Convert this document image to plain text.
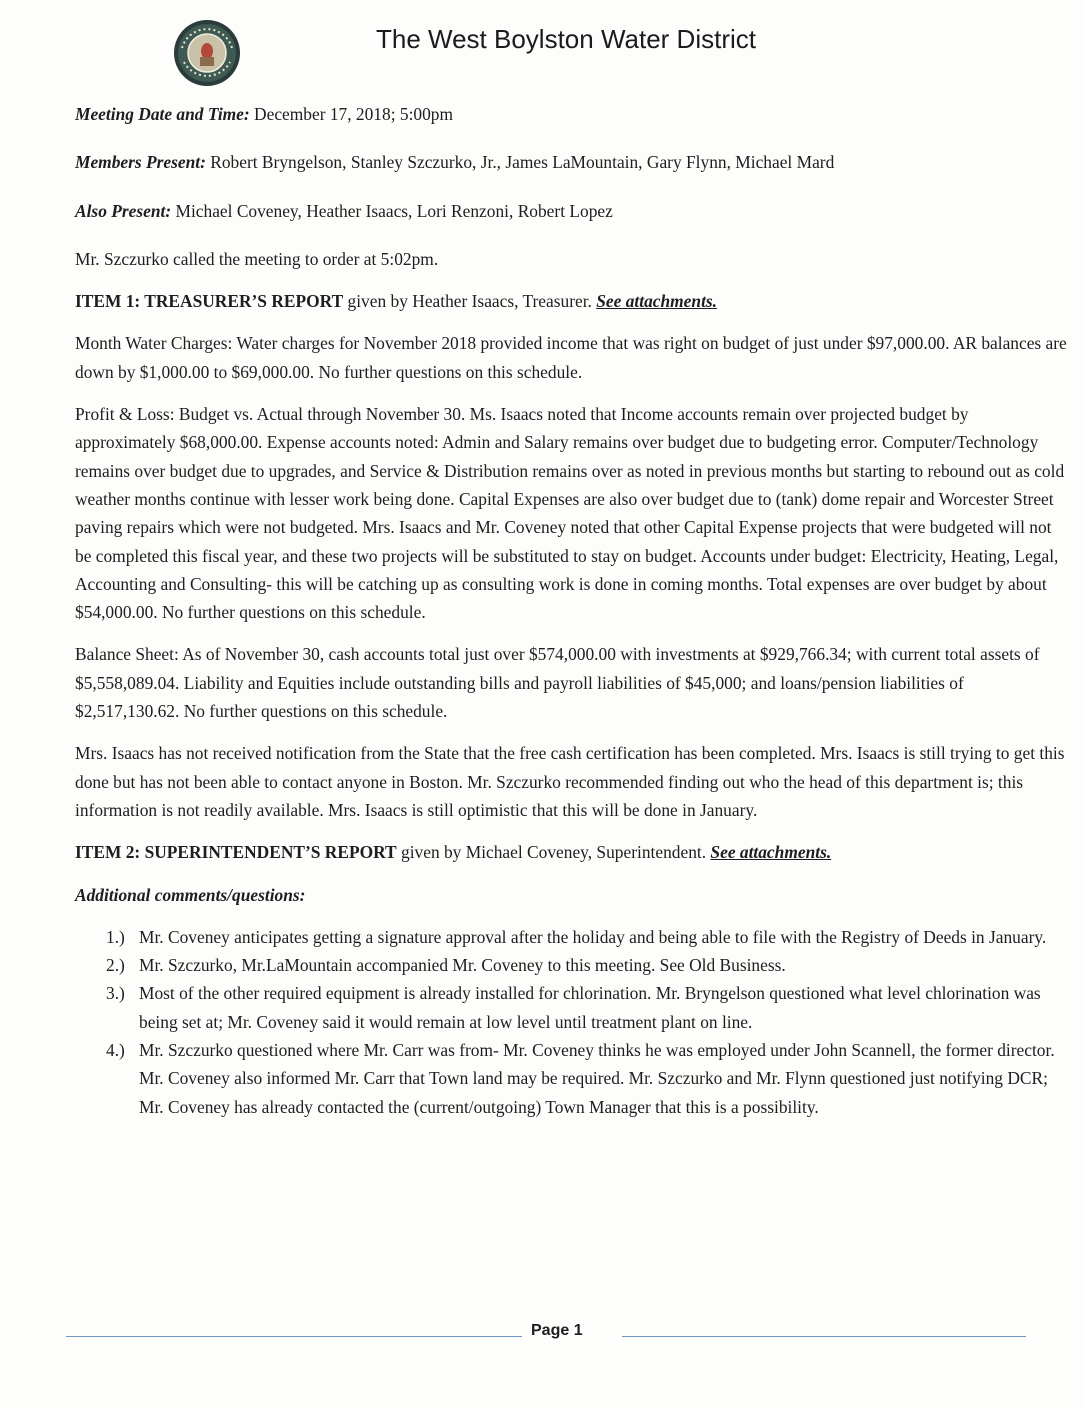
The West Boylston Water District

Meeting Date and Time: December 17, 2018; 5:00pm

Members Present: Robert Bryngelson, Stanley Szczurko, Jr., James LaMountain, Gary Flynn, Michael Mard

Also Present: Michael Coveney, Heather Isaacs, Lori Renzoni, Robert Lopez

Mr. Szczurko called the meeting to order at 5:02pm.

ITEM 1: TREASURER’S REPORT given by Heather Isaacs, Treasurer. See attachments.

Month Water Charges: Water charges for November 2018 provided income that was right on budget of just under $97,000.00. AR balances are down by $1,000.00 to $69,000.00. No further questions on this schedule.

Profit & Loss: Budget vs. Actual through November 30. Ms. Isaacs noted that Income accounts remain over projected budget by approximately $68,000.00. Expense accounts noted: Admin and Salary remains over budget due to budgeting error. Computer/Technology remains over budget due to upgrades, and Service & Distribution remains over as noted in previous months but starting to rebound out as cold weather months continue with lesser work being done. Capital Expenses are also over budget due to (tank) dome repair and Worcester Street paving repairs which were not budgeted. Mrs. Isaacs and Mr. Coveney noted that other Capital Expense projects that were budgeted will not be completed this fiscal year, and these two projects will be substituted to stay on budget. Accounts under budget: Electricity, Heating, Legal, Accounting and Consulting- this will be catching up as consulting work is done in coming months. Total expenses are over budget by about $54,000.00. No further questions on this schedule.

Balance Sheet: As of November 30, cash accounts total just over $574,000.00 with investments at $929,766.34; with current total assets of $5,558,089.04. Liability and Equities include outstanding bills and payroll liabilities of $45,000; and loans/pension liabilities of $2,517,130.62. No further questions on this schedule.

Mrs. Isaacs has not received notification from the State that the free cash certification has been completed. Mrs. Isaacs is still trying to get this done but has not been able to contact anyone in Boston. Mr. Szczurko recommended finding out who the head of this department is; this information is not readily available. Mrs. Isaacs is still optimistic that this will be done in January.

ITEM 2: SUPERINTENDENT’S REPORT given by Michael Coveney, Superintendent. See attachments.

Additional comments/questions:

1.) Mr. Coveney anticipates getting a signature approval after the holiday and being able to file with the Registry of Deeds in January.
2.) Mr. Szczurko, Mr.LaMountain accompanied Mr. Coveney to this meeting. See Old Business.
3.) Most of the other required equipment is already installed for chlorination. Mr. Bryngelson questioned what level chlorination was being set at; Mr. Coveney said it would remain at low level until treatment plant on line.
4.) Mr. Szczurko questioned where Mr. Carr was from- Mr. Coveney thinks he was employed under John Scannell, the former director. Mr. Coveney also informed Mr. Carr that Town land may be required. Mr. Szczurko and Mr. Flynn questioned just notifying DCR; Mr. Coveney has already contacted the (current/outgoing) Town Manager that this is a possibility.
Page 1
